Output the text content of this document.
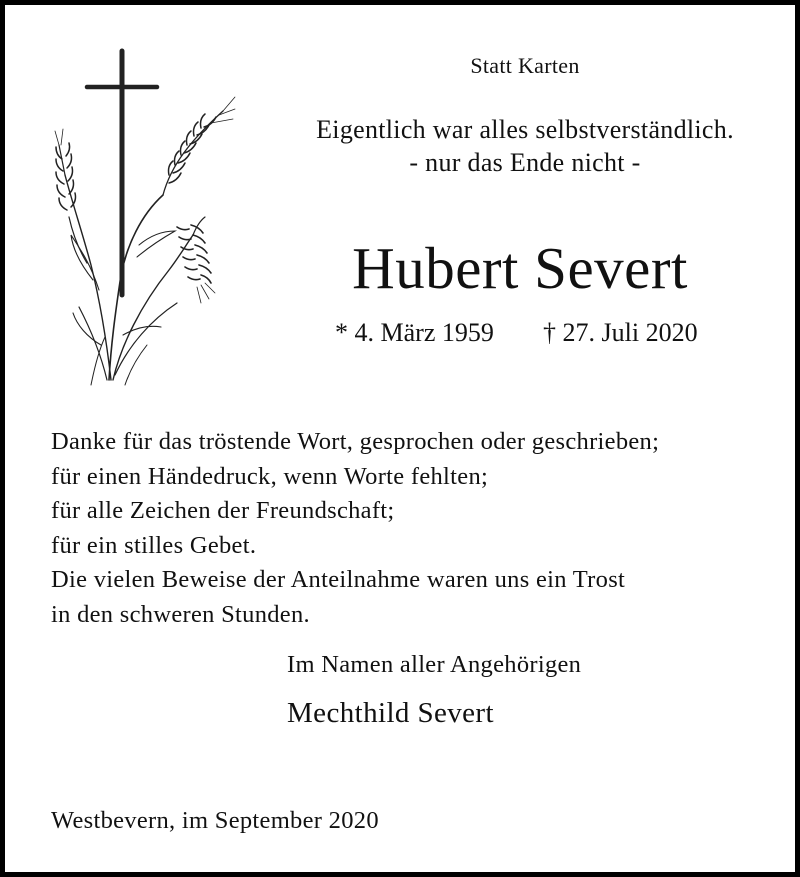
Statt Karten
Eigentlich war alles selbstverständlich.
- nur das Ende nicht -
Hubert Severt
* 4. März 1959 † 27. Juli 2020
Danke für das tröstende Wort, gesprochen oder geschrieben;
für einen Händedruck, wenn Worte fehlten;
für alle Zeichen der Freundschaft;
für ein stilles Gebet.
Die vielen Beweise der Anteilnahme waren uns ein Trost
in den schweren Stunden.
Im Namen aller Angehörigen
Mechthild Severt
Westbevern, im September 2020
